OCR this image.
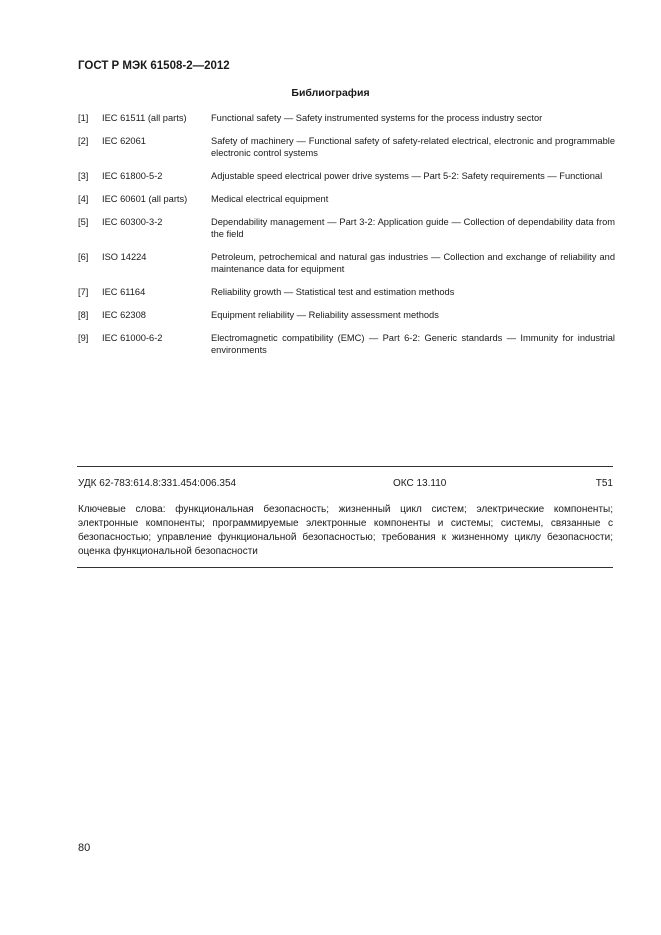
ГОСТ Р МЭК 61508-2—2012
Библиография
[1]	IEC 61511 (all parts)	Functional safety — Safety instrumented systems for the process industry sector
[2]	IEC 62061	Safety of machinery — Functional safety of safety-related electrical, electronic and programmable electronic control systems
[3]	IEC 61800-5-2	Adjustable speed electrical power drive systems — Part 5-2: Safety requirements — Functional
[4]	IEC 60601 (all parts)	Medical electrical equipment
[5]	IEC 60300-3-2	Dependability management — Part 3-2: Application guide — Collection of dependability data from the field
[6]	ISO 14224	Petroleum, petrochemical and natural gas industries — Collection and exchange of reliability and maintenance data for equipment
[7]	IEC 61164	Reliability growth — Statistical test and estimation methods
[8]	IEC 62308	Equipment reliability — Reliability assessment methods
[9]	IEC 61000-6-2	Electromagnetic compatibility (EMC) — Part 6-2: Generic standards — Immunity for industrial environments
УДК 62-783:614.8:331.454:006.354	ОКС 13.110	Т51
Ключевые слова: функциональная безопасность; жизненный цикл систем; электрические компоненты; электронные компоненты; программируемые электронные компоненты и системы; системы, связанные с безопасностью; управление функциональной безопасностью; требования к жизненному циклу безопасности; оценка функциональной безопасности
80
